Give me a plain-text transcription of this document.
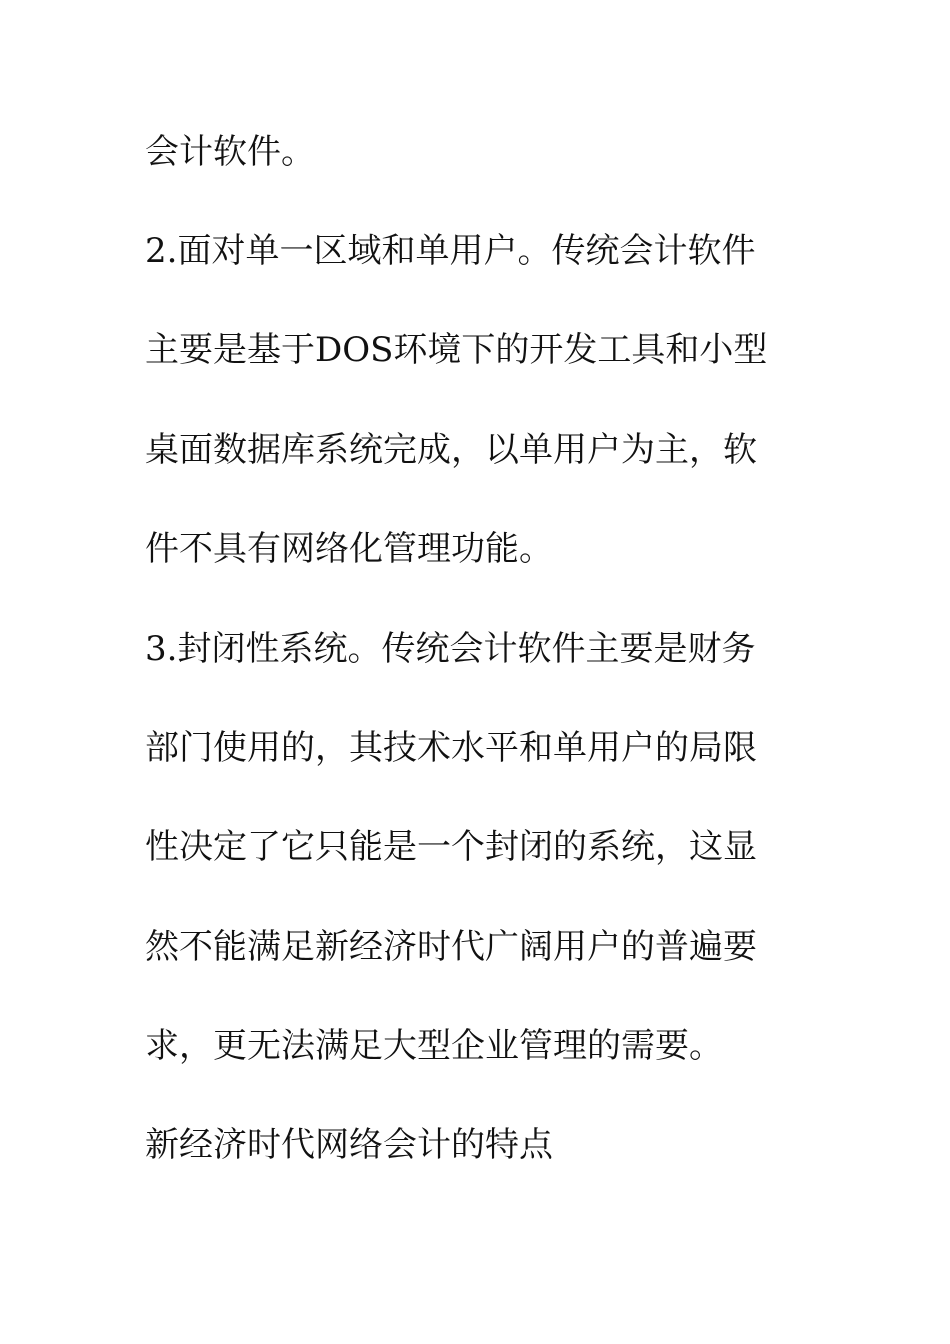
会计软件。
2.面对单一区域和单用户。传统会计软件
主要是基于DOS环境下的开发工具和小型
桌面数据库系统完成，以单用户为主，软
件不具有网络化管理功能。
3.封闭性系统。传统会计软件主要是财务
部门使用的，其技术水平和单用户的局限
性决定了它只能是一个封闭的系统，这显
然不能满足新经济时代广阔用户的普遍要
求，更无法满足大型企业管理的需要。
新经济时代网络会计的特点
